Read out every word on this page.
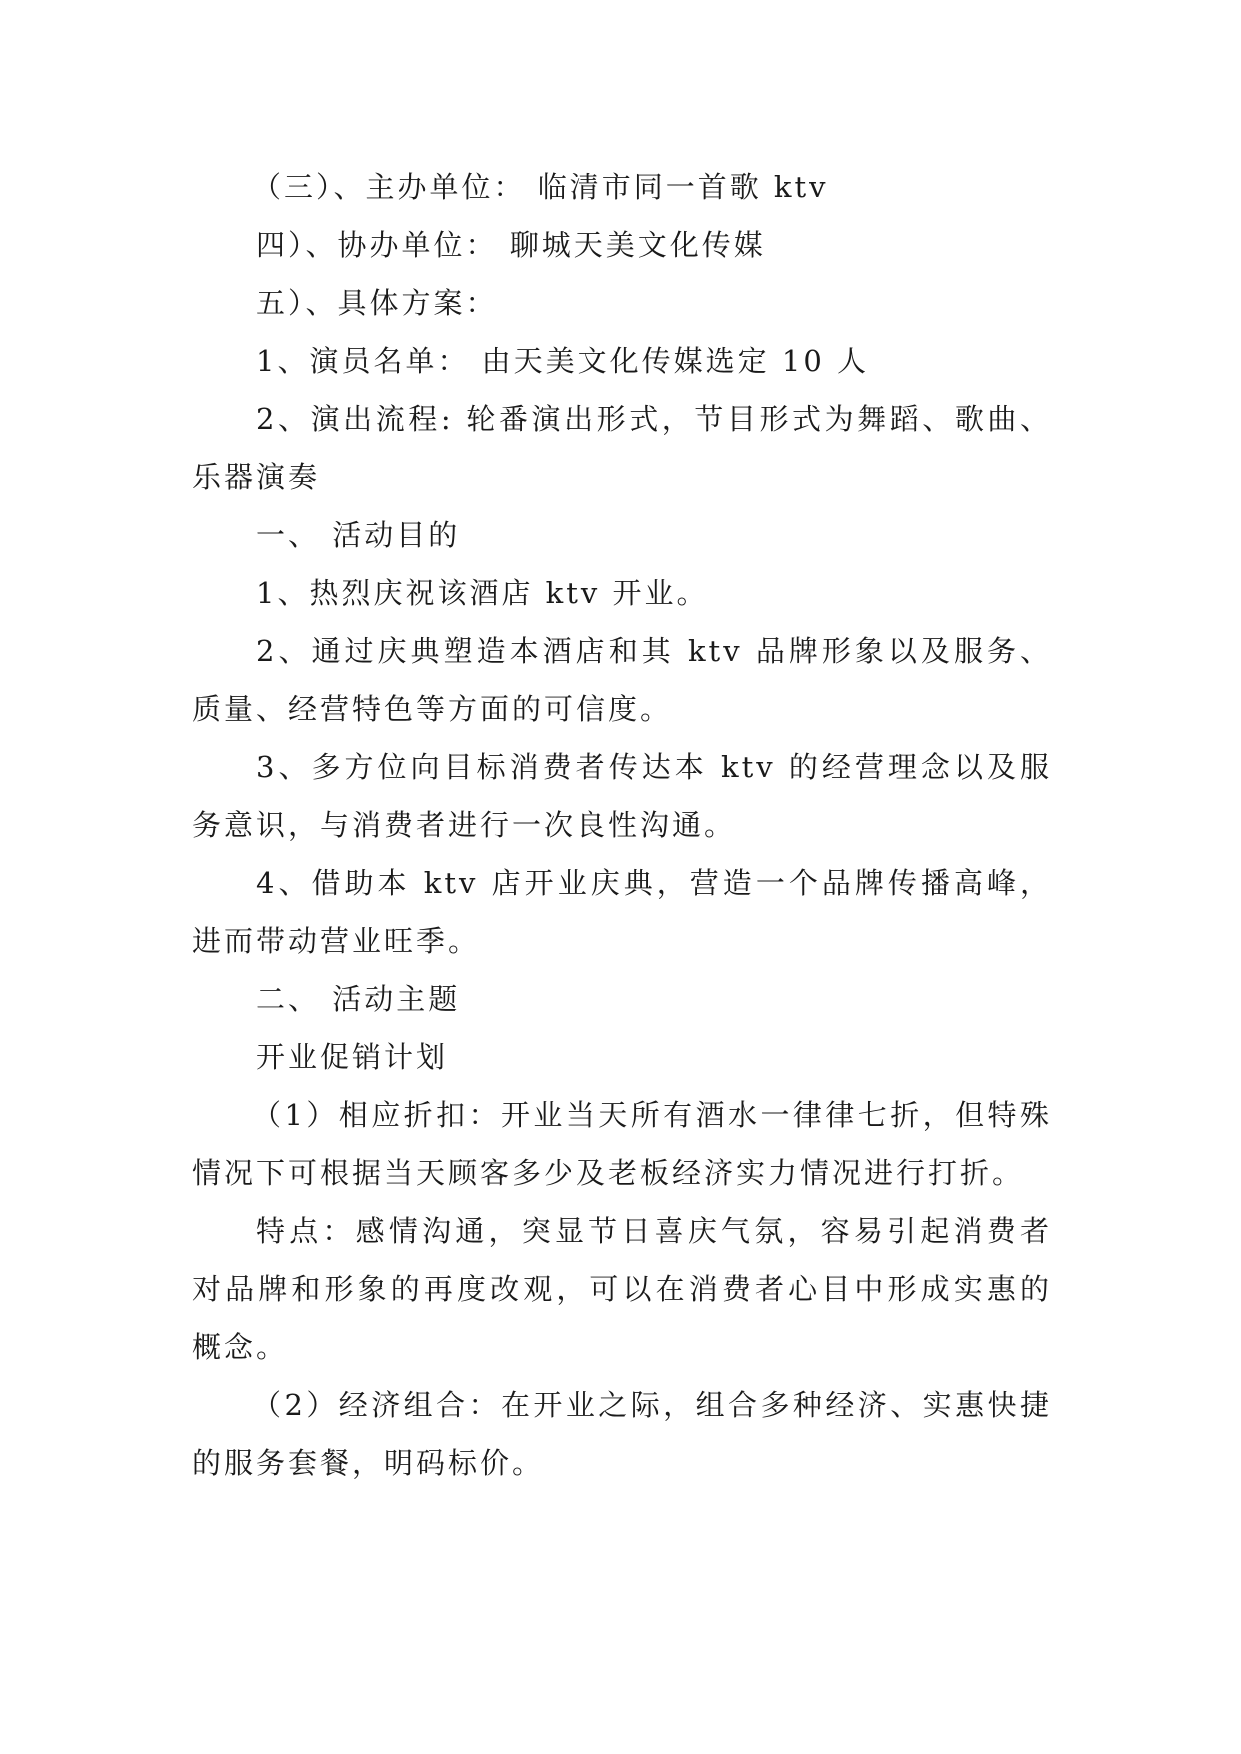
（三）、主办单位： 临清市同一首歌 ktv

四）、协办单位： 聊城天美文化传媒

五）、具体方案：

1、演员名单： 由天美文化传媒选定 10 人

2、演出流程: 轮番演出形式，节目形式为舞蹈、歌曲、乐器演奏

一、 活动目的

1、热烈庆祝该酒店 ktv 开业。

2、通过庆典塑造本酒店和其 ktv 品牌形象以及服务、质量、经营特色等方面的可信度。

3、多方位向目标消费者传达本 ktv 的经营理念以及服务意识，与消费者进行一次良性沟通。

4、借助本 ktv 店开业庆典，营造一个品牌传播高峰，进而带动营业旺季。

二、 活动主题

开业促销计划

（1）相应折扣：开业当天所有酒水一律律七折，但特殊情况下可根据当天顾客多少及老板经济实力情况进行打折。

特点：感情沟通，突显节日喜庆气氛，容易引起消费者对品牌和形象的再度改观，可以在消费者心目中形成实惠的概念。

（2）经济组合：在开业之际，组合多种经济、实惠快捷的服务套餐，明码标价。
